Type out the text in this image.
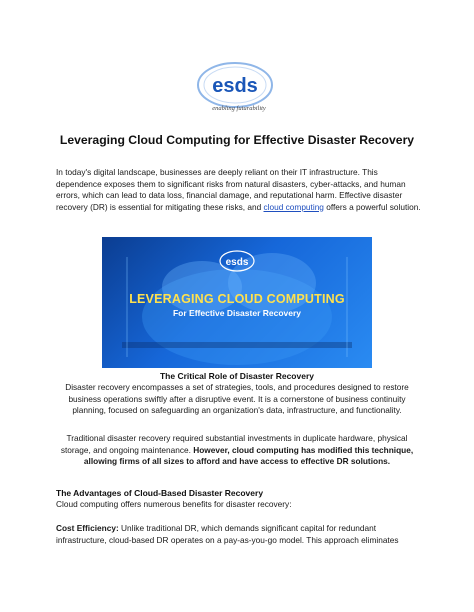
esds
enabling futurability
Leveraging Cloud Computing for Effective Disaster Recovery

In today's digital landscape, businesses are deeply reliant on their IT infrastructure. This dependence exposes them to significant risks from natural disasters, cyber-attacks, and human errors, which can lead to data loss, financial damage, and reputational harm. Effective disaster recovery (DR) is essential for mitigating these risks, and cloud computing offers a powerful solution.

esds
LEVERAGING CLOUD COMPUTING
For Effective Disaster Recovery
The Critical Role of Disaster Recovery

Disaster recovery encompasses a set of strategies, tools, and procedures designed to restore business operations swiftly after a disruptive event. It is a cornerstone of business continuity planning, focused on safeguarding an organization's data, infrastructure, and functionality.

Traditional disaster recovery required substantial investments in duplicate hardware, physical storage, and ongoing maintenance. However, cloud computing has modified this technique, allowing firms of all sizes to afford and have access to effective DR solutions.

The Advantages of Cloud-Based Disaster Recovery

Cloud computing offers numerous benefits for disaster recovery:

Cost Efficiency: Unlike traditional DR, which demands significant capital for redundant infrastructure, cloud-based DR operates on a pay-as-you-go model. This approach eliminates
